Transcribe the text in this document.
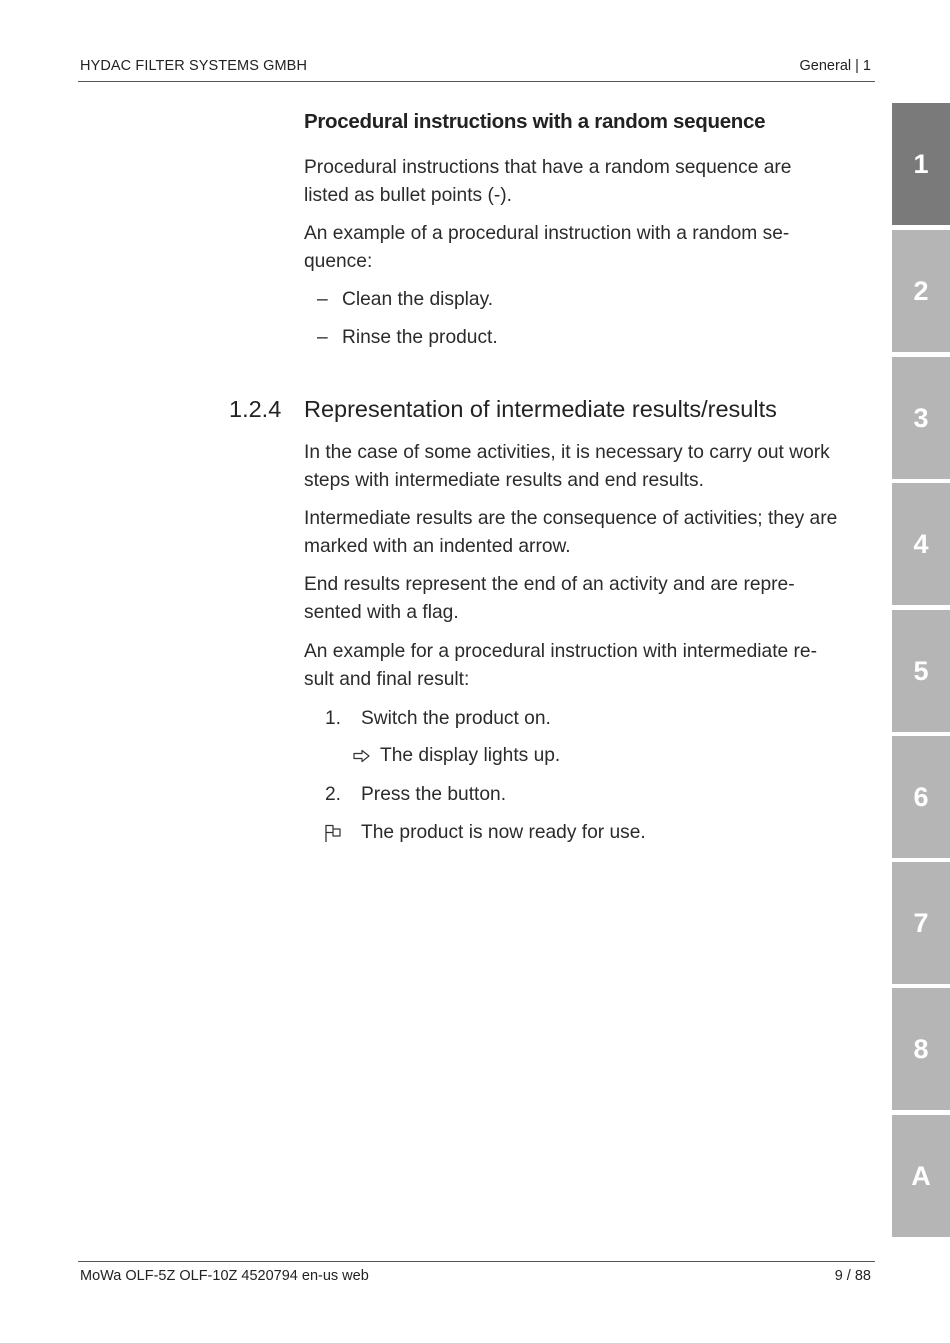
HYDAC FILTER SYSTEMS GMBH	General | 1
1
2
3
4
5
6
7
8
A
Procedural instructions with a random sequence
Procedural instructions that have a random sequence are
listed as bullet points (-).
An example of a procedural instruction with a random se-
quence:
– Clean the display.
– Rinse the product.
1.2.4 Representation of intermediate results/results
In the case of some activities, it is necessary to carry out work
steps with intermediate results and end results.
Intermediate results are the consequence of activities; they are
marked with an indented arrow.
End results represent the end of an activity and are repre-
sented with a flag.
An example for a procedural instruction with intermediate re-
sult and final result:
1. Switch the product on.
The display lights up.
2. Press the button.
The product is now ready for use.
MoWa OLF-5Z OLF-10Z 4520794 en-us web	9 / 88
